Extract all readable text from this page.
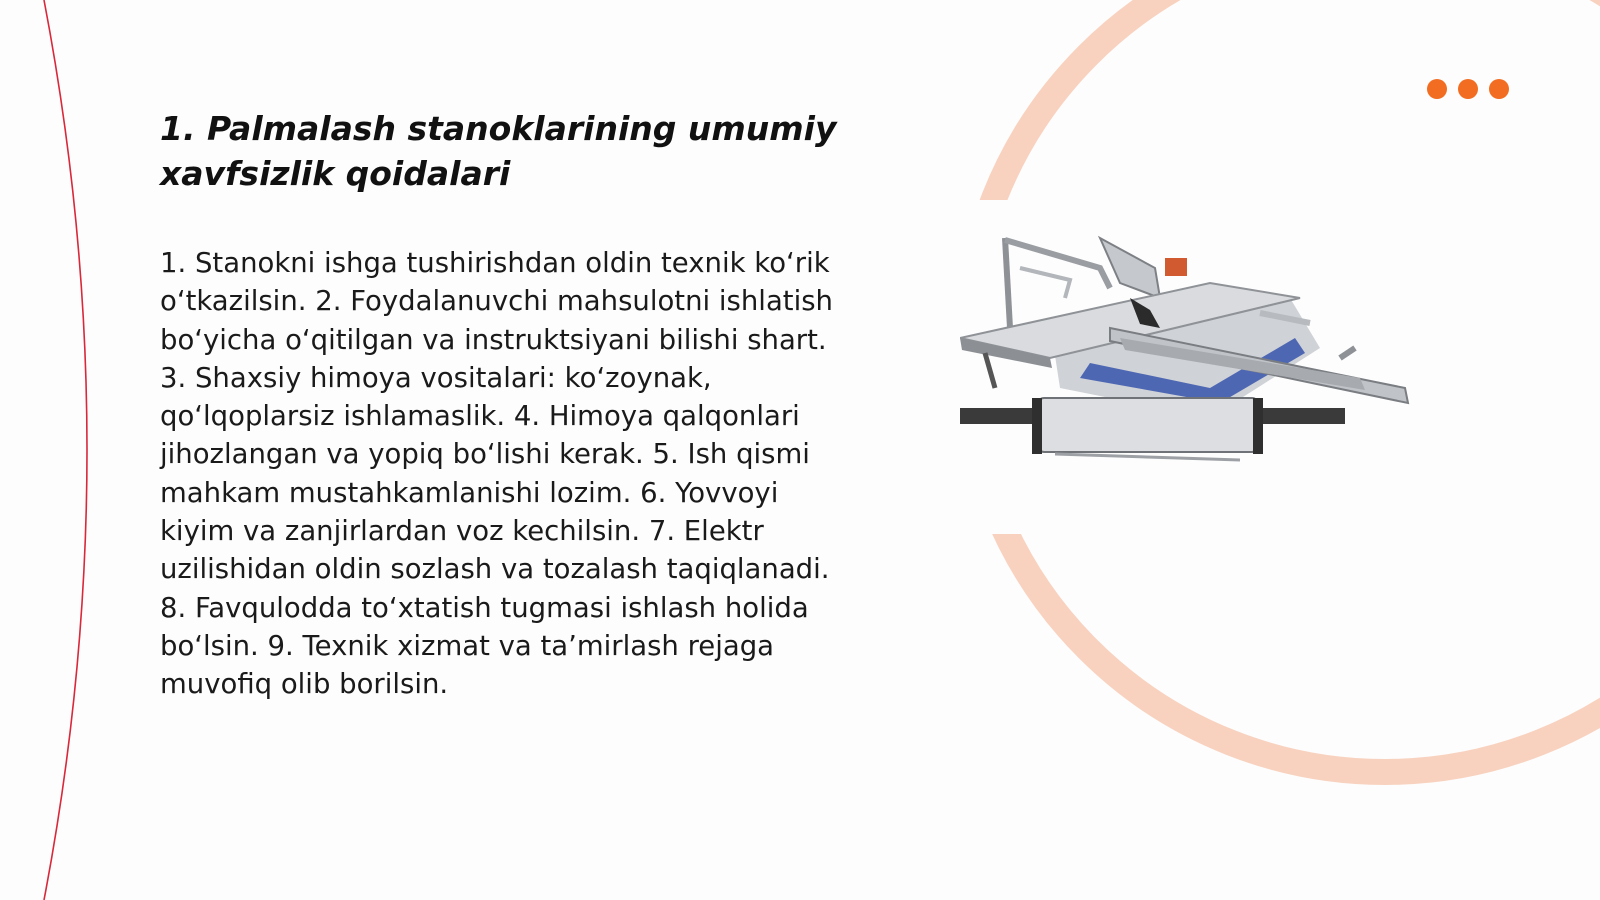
1. Palmalash stanoklarining umumiy xavfsizlik qoidalari

1. Stanokni ishga tushirishdan oldin texnik ko‘rik o‘tkazilsin. 2. Foydalanuvchi mahsulotni ishlatish bo‘yicha o‘qitilgan va instruktsiyani bilishi shart. 3. Shaxsiy himoya vositalari: ko‘zoynak, qo‘lqoplarsiz ishlamaslik. 4. Himoya qalqonlari jihozlangan va yopiq bo‘lishi kerak. 5. Ish qismi mahkam mustahkamlanishi lozim. 6. Yovvoyi kiyim va zanjirlardan voz kechilsin. 7. Elektr uzilishidan oldin sozlash va tozalash taqiqlanadi. 8. Favqulodda to‘xtatish tugmasi ishlash holida bo‘lsin. 9. Texnik xizmat va ta’mirlash rejaga muvofiq olib borilsin.
